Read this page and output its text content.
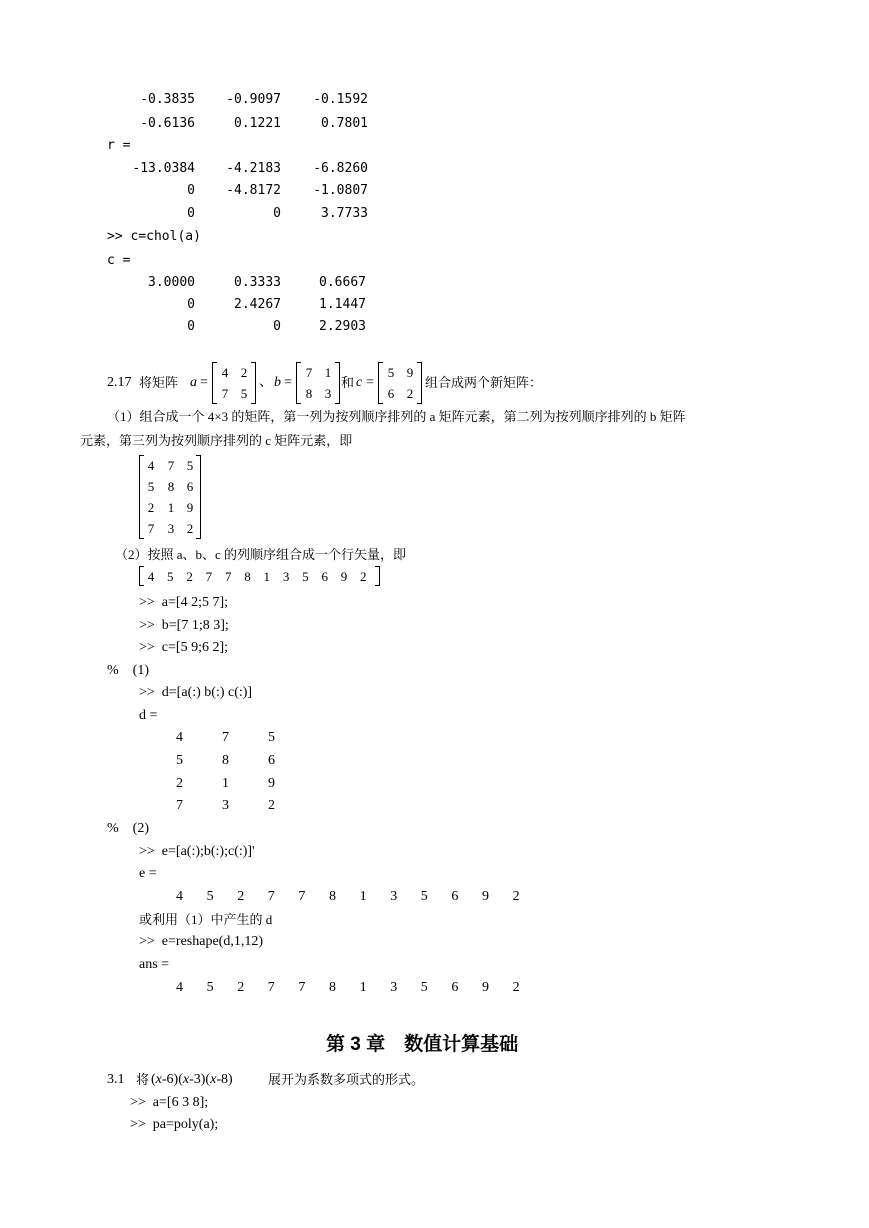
-0.3835	-0.9097	-0.1592
-0.6136	0.1221	0.7801
r =
-13.0384	-4.2183	-6.8260
0	-4.8172	-1.0807
0	0	3.7733
>> c=chol(a)
c =
3.0000	0.3333	0.6667
0	2.4267	1.1447
0	0	2.2903
2.17 将矩阵 a =
4 2
7 5
、 b =
7 1
8 3
和 c =
5 9
6 2
组合成两个新矩阵：
（1）组合成一个 4×3 的矩阵，第一列为按列顺序排列的 a 矩阵元素，第二列为按列顺序排列的 b 矩阵
元素，第三列为按列顺序排列的 c 矩阵元素，即
4 7 5
5 8 6
2 1 9
7 3 2
（2）按照 a、b、c 的列顺序组合成一个行矢量，即
4 5 2 7 7 8 1 3 5 6 9 2
>>  a=[4 2;5 7];
>>  b=[7 1;8 3];
>>  c=[5 9;6 2];
%    (1)
>>  d=[a(:) b(:) c(:)]
d =
4	7	5
5	8	6
2	1	9
7	3	2
%    (2)
>>  e=[a(:);b(:);c(:)]'
e =
4 5 2 7 7 8 1 3 5 6 9 2
或利用（1）中产生的 d
>>  e=reshape(d,1,12)
ans =
4 5 2 7 7 8 1 3 5 6 9 2
第 3 章　数值计算基础
3.1 将 (x-6)(x-3)(x-8)	展开为系数多项式的形式。
>>  a=[6 3 8];
>>  pa=poly(a);
